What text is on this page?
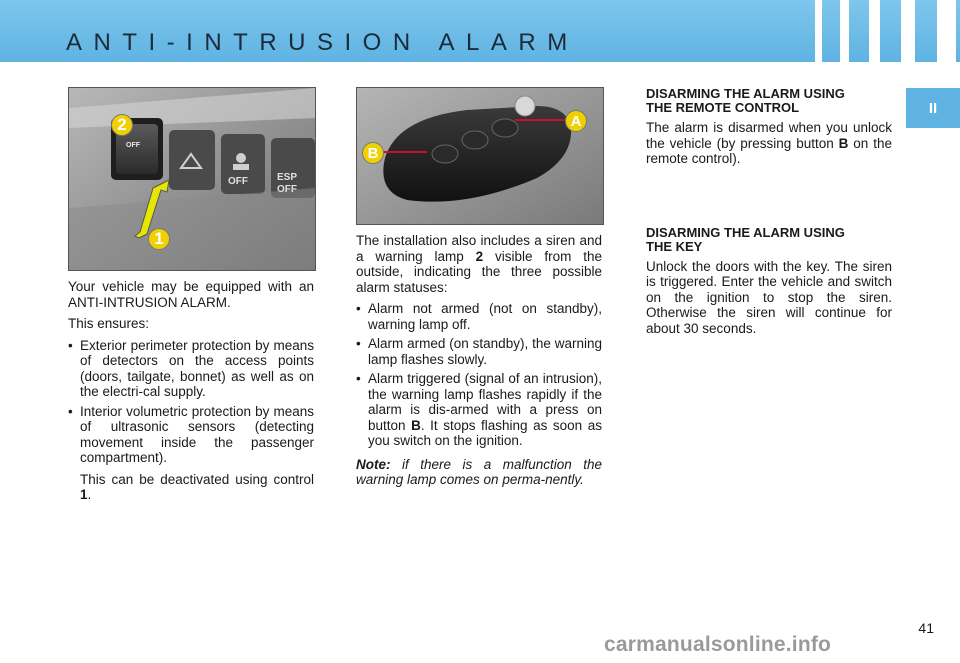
ANTI-INTRUSION ALARM
II
OFF
OFF	ESP
OFF
2
1
A
B

Your vehicle may be equipped with an ANTI-INTRUSION ALARM.

This ensures:

• Exterior perimeter protection by means of detectors on the access points (doors, tailgate, bonnet) as well as on the electri-cal supply.
• Interior volumetric protection by means of ultrasonic sensors (detecting movement inside the passenger compartment).

This can be deactivated using control 1.

The installation also includes a siren and a warning lamp 2 visible from the outside, indicating the three possible alarm statuses:

• Alarm not armed (not on standby), warning lamp off.
• Alarm armed (on standby), the warning lamp flashes slowly.
• Alarm triggered (signal of an intrusion), the warning lamp flashes rapidly if the alarm is dis-armed with a press on button B. It stops flashing as soon as you switch on the ignition.

Note: if there is a malfunction the warning lamp comes on perma-nently.

DISARMING THE ALARM USING THE REMOTE CONTROL

The alarm is disarmed when you unlock the vehicle (by pressing button B on the remote control).

DISARMING THE ALARM USING THE KEY

Unlock the doors with the key. The siren is triggered. Enter the vehicle and switch on the ignition to stop the siren. Otherwise the siren will continue for about 30 seconds.

41
carmanualsonline.info
